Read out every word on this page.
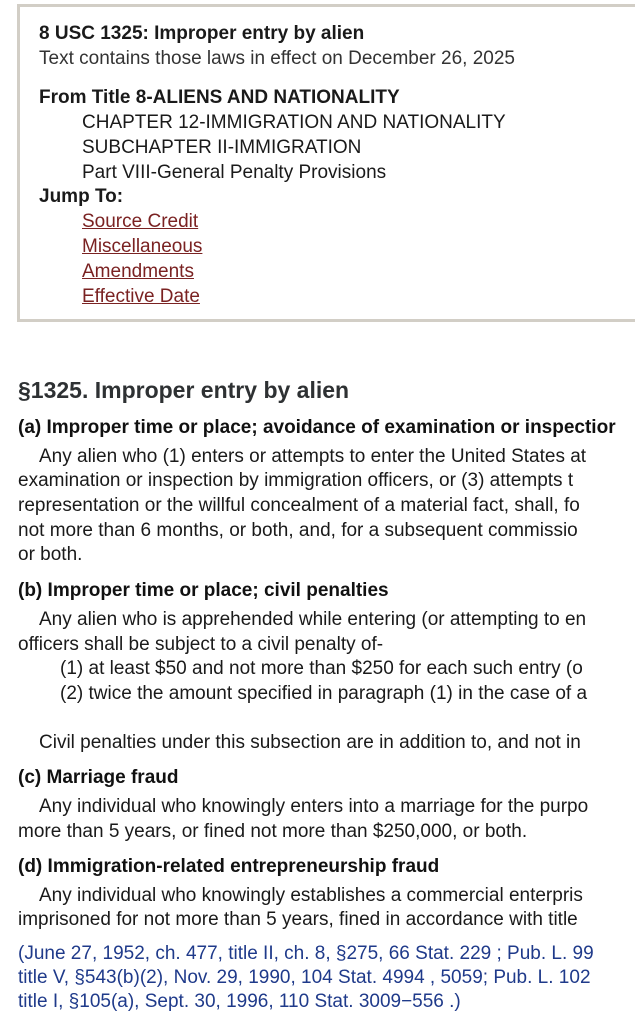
8 USC 1325: Improper entry by alien
Text contains those laws in effect on December 26, 2025
From Title 8-ALIENS AND NATIONALITY
CHAPTER 12-IMMIGRATION AND NATIONALITY
SUBCHAPTER II-IMMIGRATION
Part VIII-General Penalty Provisions
Jump To:
Source Credit
Miscellaneous
Amendments
Effective Date
§1325. Improper entry by alien
(a) Improper time or place; avoidance of examination or inspectior
Any alien who (1) enters or attempts to enter the United States at
examination or inspection by immigration officers, or (3) attempts t
representation or the willful concealment of a material fact, shall, fo
not more than 6 months, or both, and, for a subsequent commissio
or both.
(b) Improper time or place; civil penalties
Any alien who is apprehended while entering (or attempting to en
officers shall be subject to a civil penalty of-
(1) at least $50 and not more than $250 for each such entry (o
(2) twice the amount specified in paragraph (1) in the case of a
Civil penalties under this subsection are in addition to, and not in
(c) Marriage fraud
Any individual who knowingly enters into a marriage for the purpo
more than 5 years, or fined not more than $250,000, or both.
(d) Immigration-related entrepreneurship fraud
Any individual who knowingly establishes a commercial enterpris
imprisoned for not more than 5 years, fined in accordance with title
(June 27, 1952, ch. 477, title II, ch. 8, §275, 66 Stat. 229 ; Pub. L. 99
title V, §543(b)(2), Nov. 29, 1990, 104 Stat. 4994 , 5059; Pub. L. 102
title I, §105(a), Sept. 30, 1996, 110 Stat. 3009−556 .)
